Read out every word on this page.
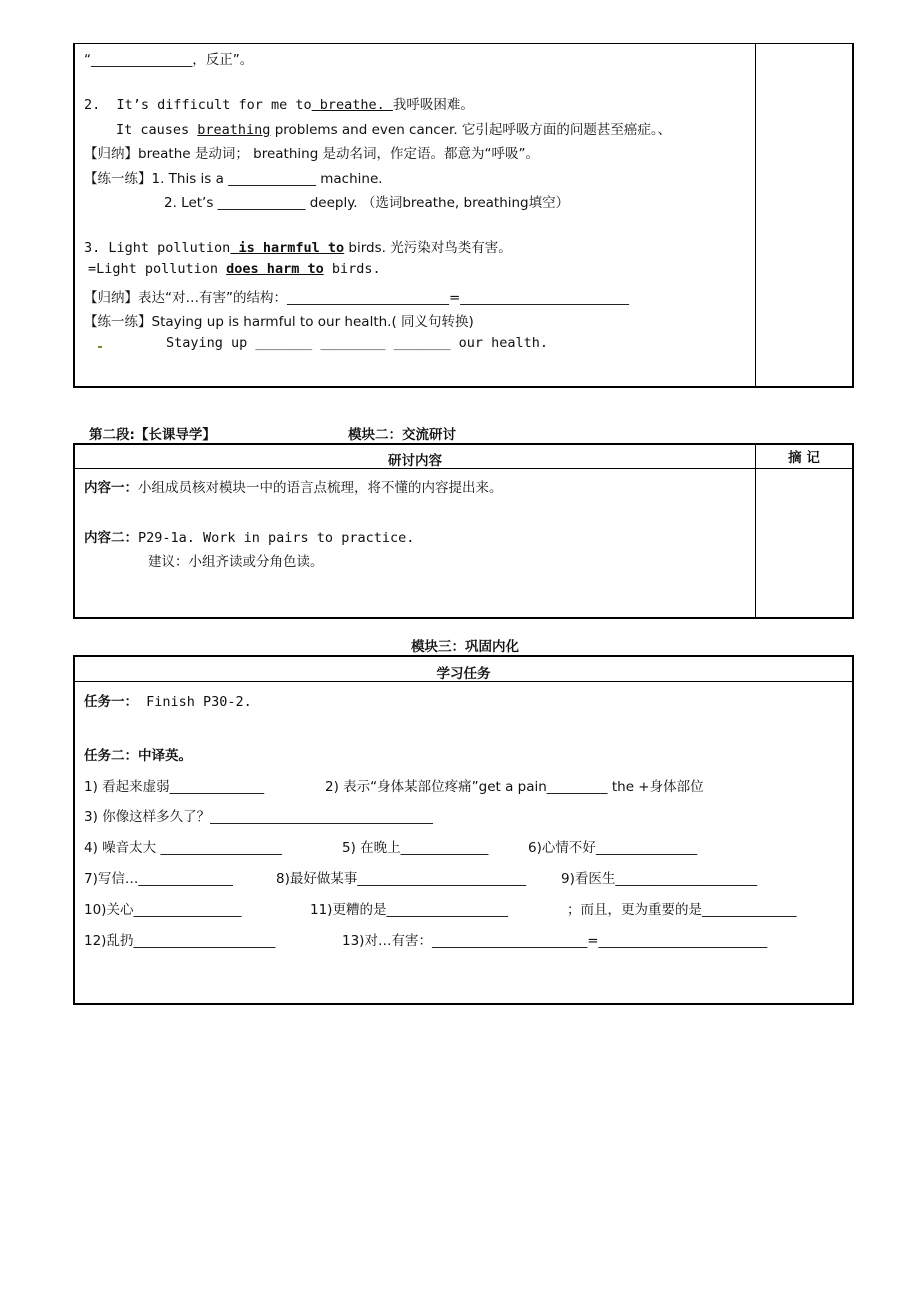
“_______________，反正”。
2. It’s difficult for me to breathe. 我呼吸困难。
It causes breathing problems and even cancer. 它引起呼吸方面的问题甚至癌症。、
【归纳】breathe 是动词； breathing 是动名词，作定语。都意为“呼吸”。
【练一练】1. This is a _____________ machine.
2. Let’s _____________ deeply. （选词breathe, breathing填空）
3. Light pollution is harmful to birds. 光污染对鸟类有害。
=Light pollution does harm to birds.
【归纳】表达“对…有害”的结构：________________________=_________________________
【练一练】Staying up is harmful to our health.( 同义句转换)
Staying up _______ ________ _______ our health.
第二段:【长课导学】	模块二：交流研讨
研讨内容	摘 记
内容一：小组成员核对模块一中的语言点梳理，将不懂的内容提出来。
内容二：P29-1a. Work in pairs to practice.
建议：小组齐读或分角色读。
模块三：巩固内化
学习任务
任务一： Finish P30-2.
任务二：中译英。
1) 看起来虚弱______________	2) 表示“身体某部位疼痛”get a pain_________ the +身体部位
3) 你像这样多久了？_________________________________
4) 噪音太大 __________________	5) 在晚上_____________	6)心情不好_______________
7)写信…______________	8)最好做某事_________________________	9)看医生_____________________
10)关心________________	11)更糟的是__________________	；而且，更为重要的是______________
12)乱扔_____________________	13)对…有害：_______________________=_________________________
